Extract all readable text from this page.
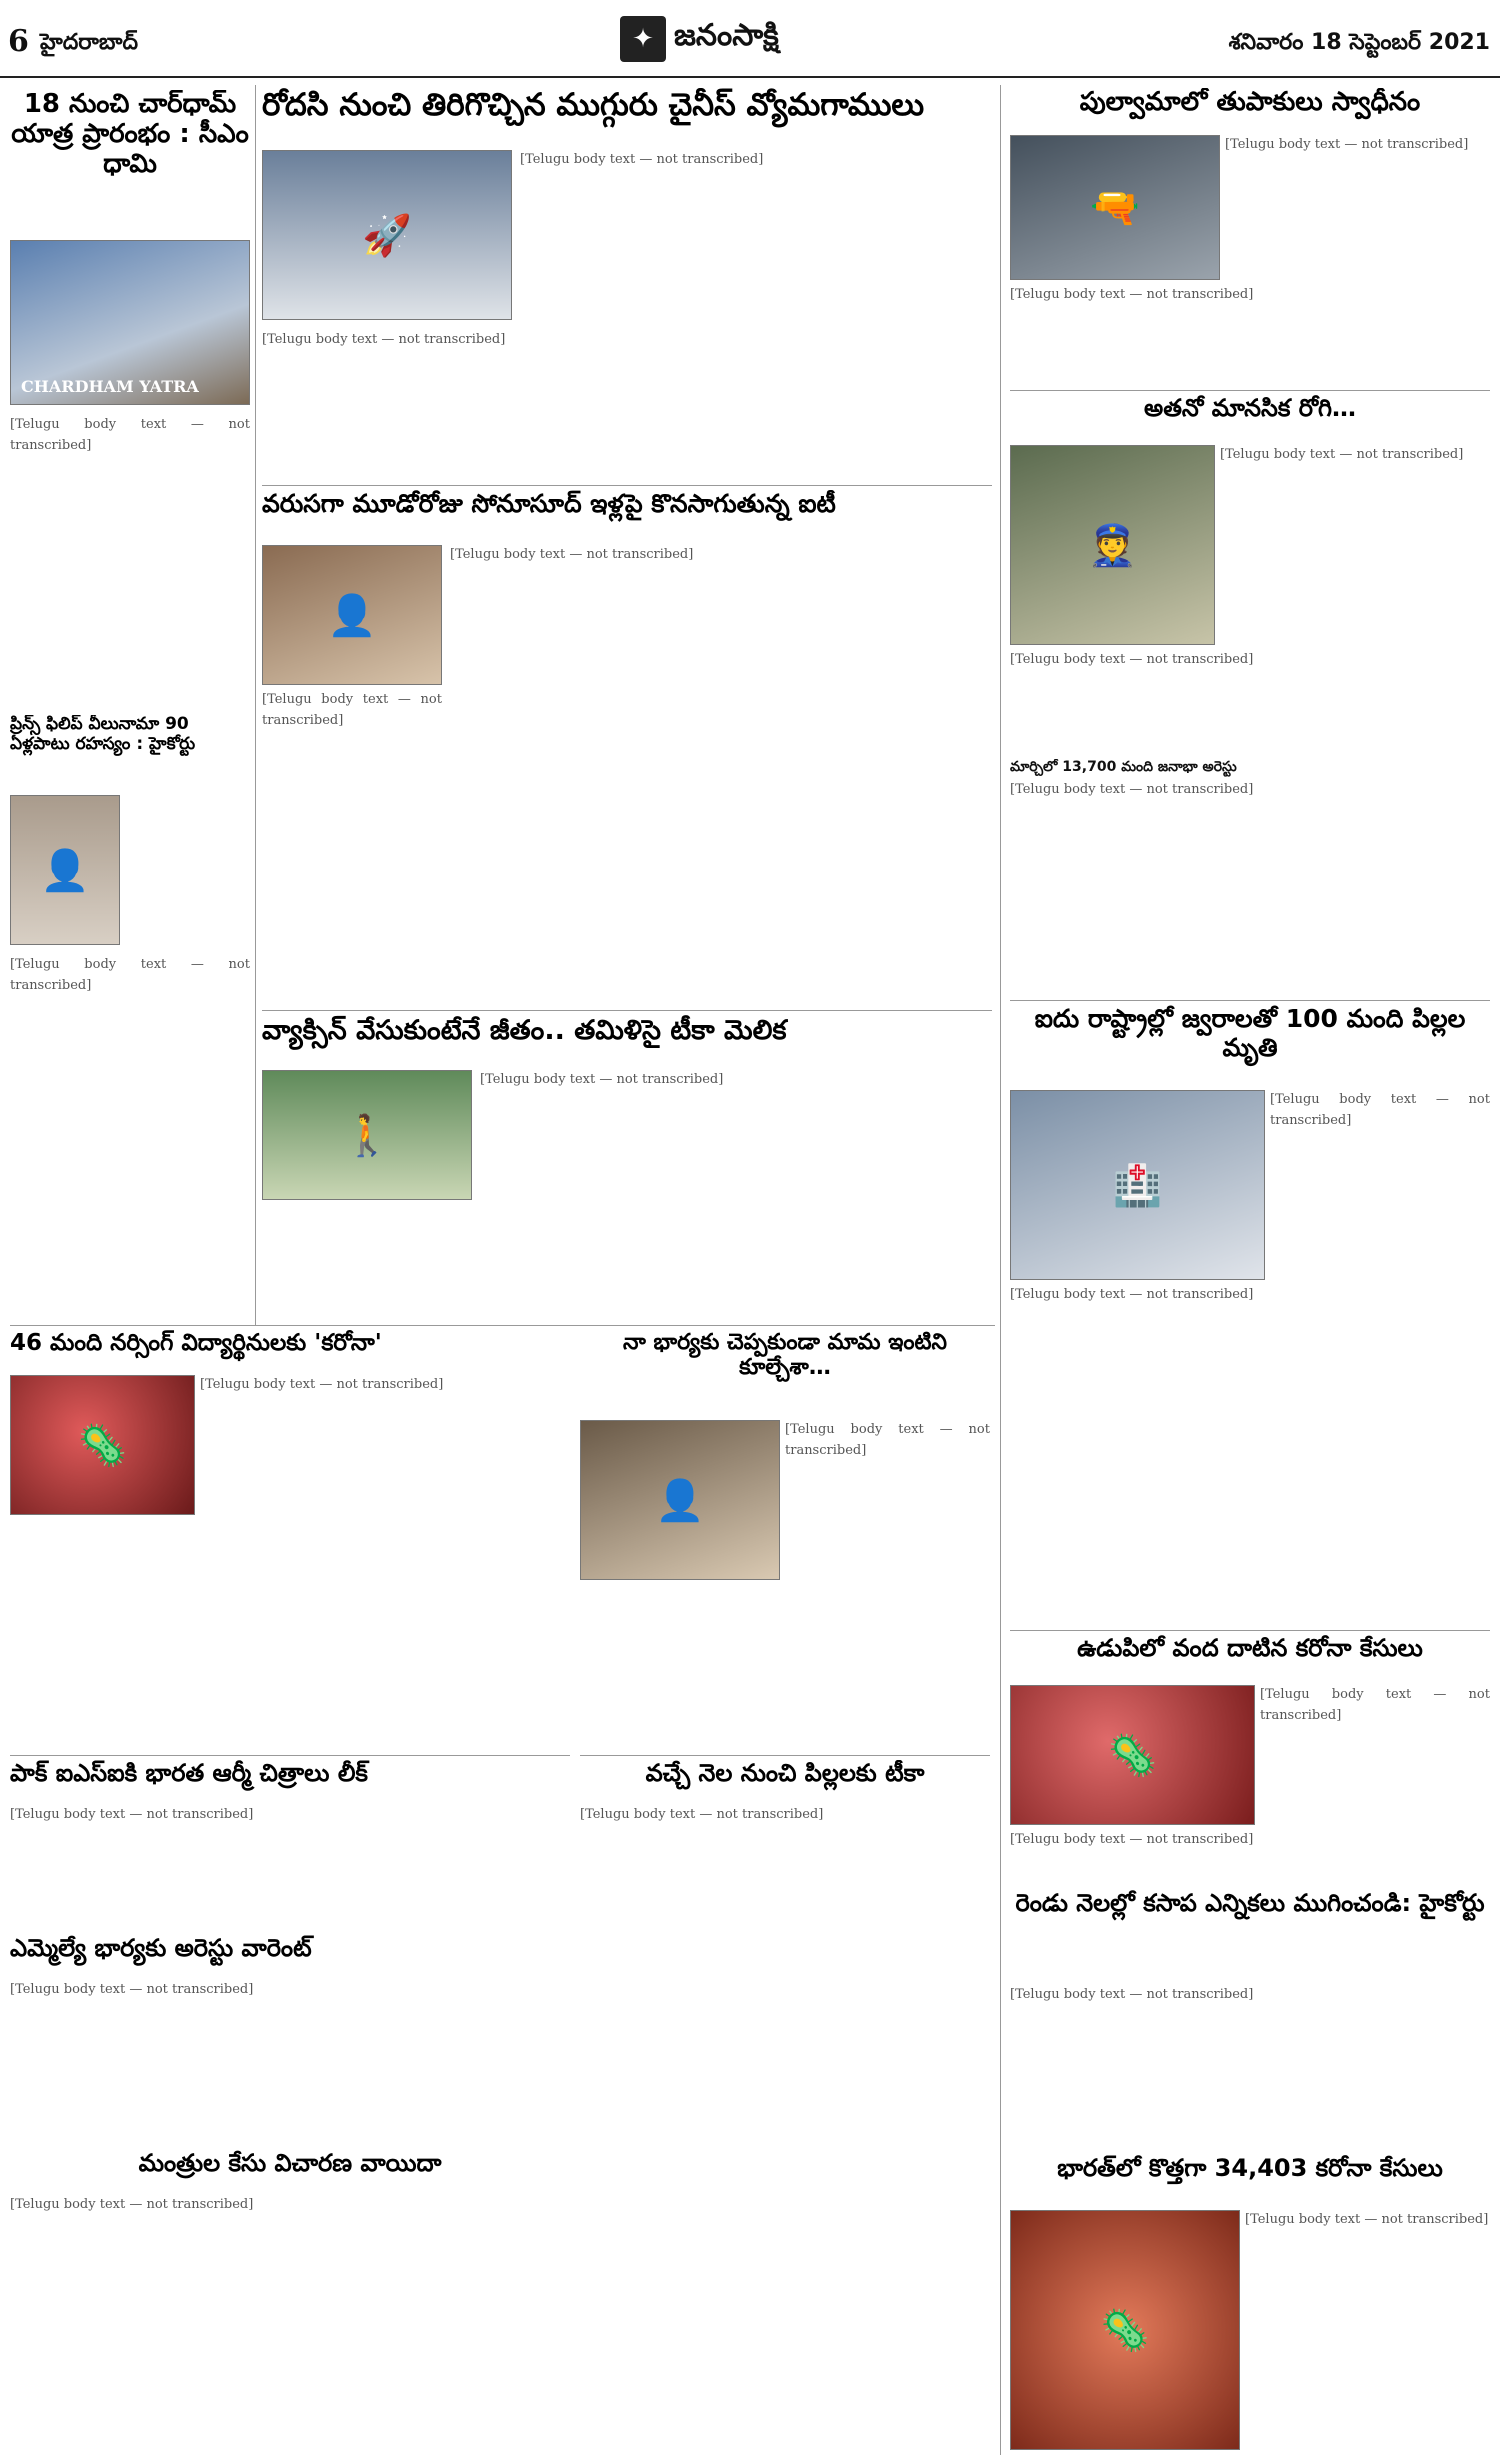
6 హైదరాబాద్	✦ జనంసాక్షి	శనివారం 18 సెప్టెంబర్ 2021
18 నుంచి చార్‌ధామ్ యాత్ర ప్రారంభం : సీఎం ధామి
CHARDHAM YATRA
[Telugu body text — not transcribed]
ప్రిన్స్ ఫిలిప్ వీలునామా 90 ఏళ్లపాటు రహస్యం : హైకోర్టు
👤
[Telugu body text — not transcribed]
రోదసి నుంచి తిరిగొచ్చిన ముగ్గురు చైనీస్ వ్యోమగాములు
🚀
[Telugu body text — not transcribed]
[Telugu body text — not transcribed]
వరుసగా మూడోరోజు సోనూసూద్ ఇళ్లపై కొనసాగుతున్న ఐటీ
👤
[Telugu body text — not transcribed]
[Telugu body text — not transcribed]
వ్యాక్సిన్ వేసుకుంటేనే జీతం.. తమిళిసై టీకా మెలిక
🚶
[Telugu body text — not transcribed]
46 మంది నర్సింగ్ విద్యార్థినులకు 'కరోనా'
🦠
[Telugu body text — not transcribed]
నా భార్యకు చెప్పకుండా మామ ఇంటిని కూల్చేశా…
👤
[Telugu body text — not transcribed]
పాక్ ఐఎస్‌ఐకి భారత ఆర్మీ చిత్రాలు లీక్
[Telugu body text — not transcribed]
ఎమ్మెల్యే భార్యకు అరెస్టు వారెంట్
[Telugu body text — not transcribed]
మంత్రుల కేసు విచారణ వాయిదా
[Telugu body text — not transcribed]
వచ్చే నెల నుంచి పిల్లలకు టీకా
[Telugu body text — not transcribed]
పుల్వామాలో తుపాకులు స్వాధీనం
🔫
[Telugu body text — not transcribed]
[Telugu body text — not transcribed]
అతనో మానసిక రోగి…
👮
[Telugu body text — not transcribed]
[Telugu body text — not transcribed]
మార్చిలో 13,700 మంది జనాభా అరెస్టు
[Telugu body text — not transcribed]
ఐదు రాష్ట్రాల్లో జ్వరాలతో 100 మంది పిల్లల మృతి
🏥
[Telugu body text — not transcribed]
[Telugu body text — not transcribed]
ఉడుపిలో వంద దాటిన కరోనా కేసులు
🦠
[Telugu body text — not transcribed]
[Telugu body text — not transcribed]
రెండు నెలల్లో కసాప ఎన్నికలు ముగించండి: హైకోర్టు
[Telugu body text — not transcribed]
భారత్‌లో కొత్తగా 34,403 కరోనా కేసులు
🦠
[Telugu body text — not transcribed]
